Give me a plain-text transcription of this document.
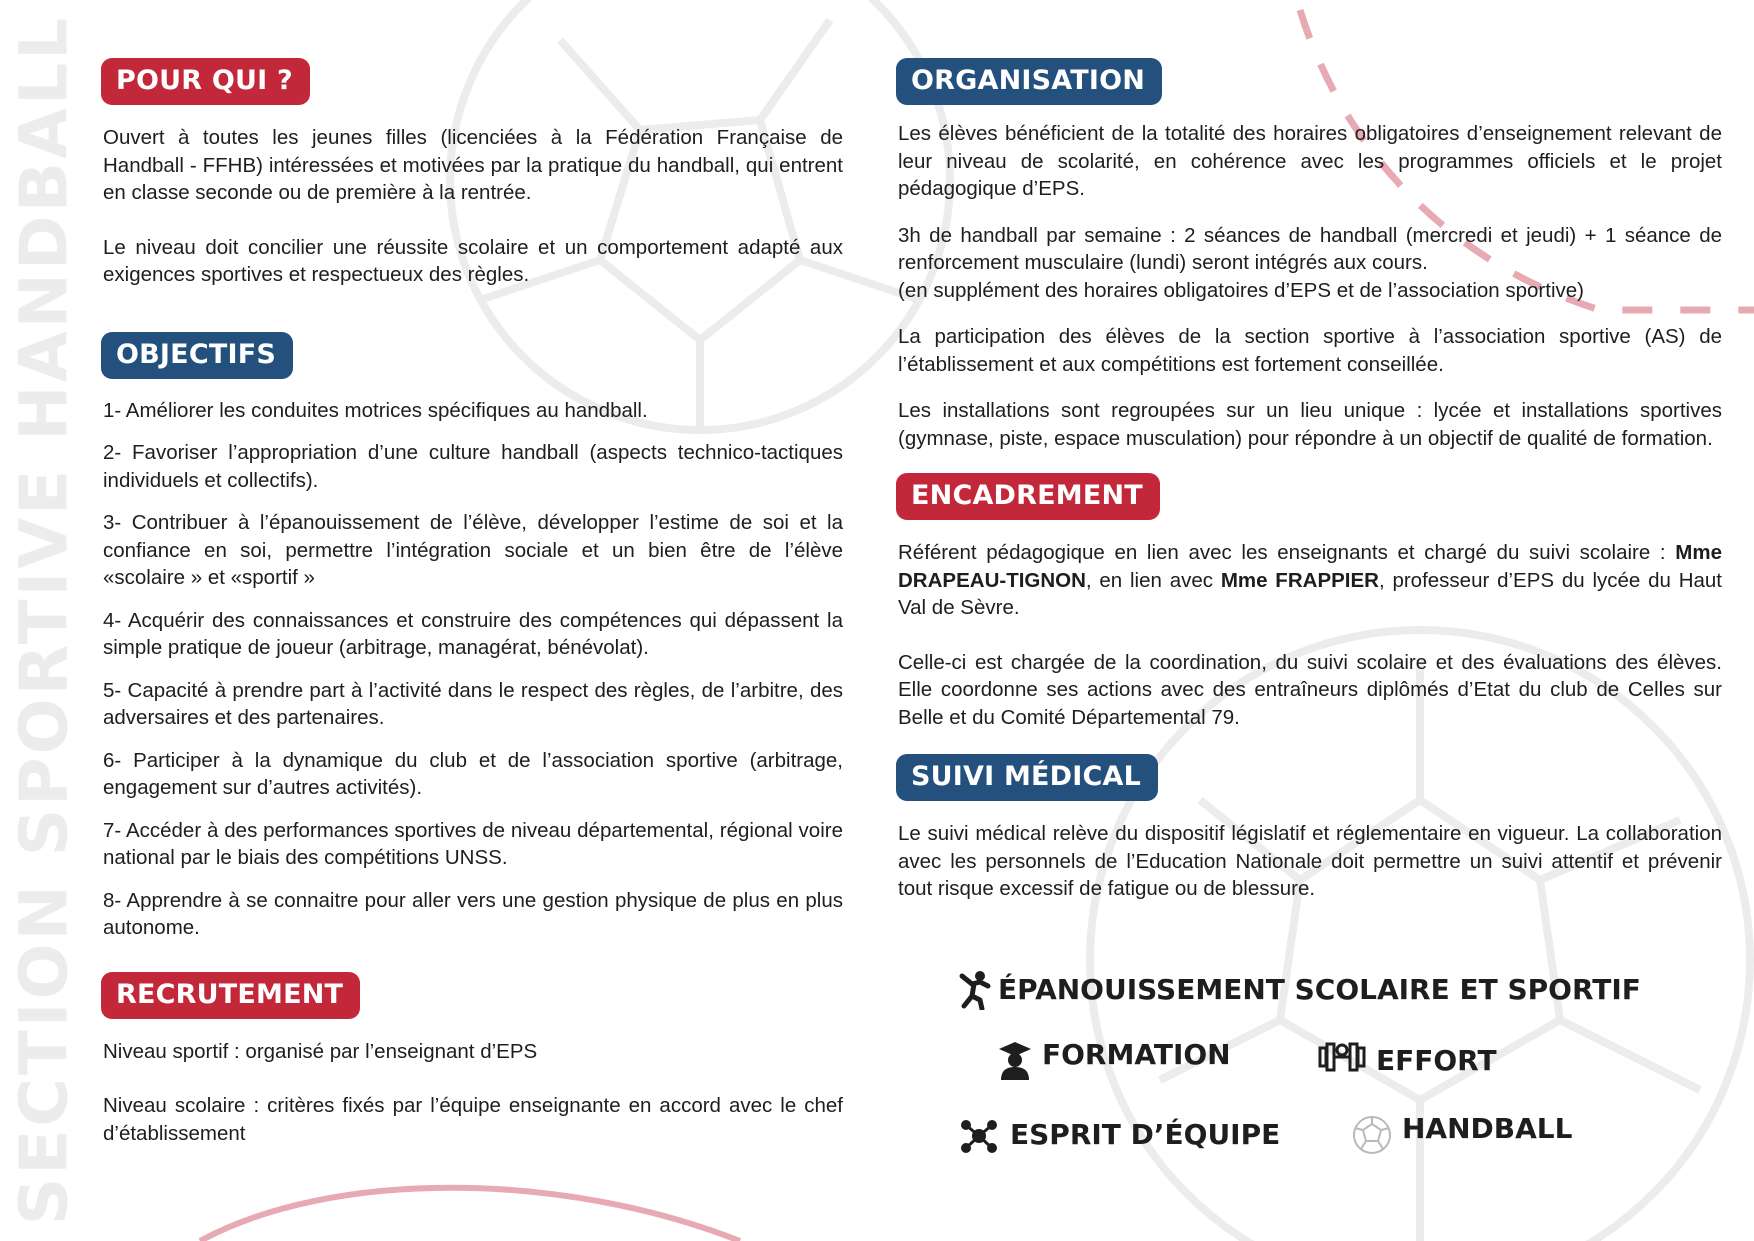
SECTION SPORTIVE HANDBALL	POUR QUI ?

Ouvert à toutes les jeunes filles (licenciées à la Fédération Française de Handball - FFHB) intéressées et motivées par la pratique du handball, qui entrent en classe seconde ou de première à la rentrée.

Le niveau doit concilier une réussite scolaire et un comportement adapté aux exigences sportives et respectueux des règles.

OBJECTIFS

1- Améliorer les conduites motrices spécifiques au handball.

2- Favoriser l’appropriation d’une culture handball (aspects technico-tactiques individuels et collectifs).

3- Contribuer à l’épanouissement de l’élève, développer l’estime de soi et la confiance en soi, permettre l’intégration sociale et un bien être de l’élève «scolaire » et «sportif »

4- Acquérir des connaissances et construire des compétences qui dépassent la simple pratique de joueur (arbitrage, managérat, bénévolat).

5- Capacité à prendre part à l’activité dans le respect des règles, de l’arbitre, des adversaires et des partenaires.

6- Participer à la dynamique du club et de l’association sportive (arbitrage, engagement sur d’autres activités).

7- Accéder à des performances sportives de niveau départemental, régional voire national par le biais des compétitions UNSS.

8- Apprendre à se connaitre pour aller vers une gestion physique de plus en plus autonome.

RECRUTEMENT

Niveau sportif : organisé par l’enseignant d’EPS

Niveau scolaire : critères fixés par l’équipe enseignante en accord avec le chef d’établissement

ORGANISATION

Les élèves bénéficient de la totalité des horaires obligatoires d’enseignement relevant de leur niveau de scolarité, en cohérence avec les programmes officiels et le projet pédagogique d’EPS.

3h de handball par semaine : 2 séances de handball (mercredi et jeudi) + 1 séance de renforcement musculaire (lundi) seront intégrés aux cours.

(en supplément des horaires obligatoires d’EPS et de l’association sportive)

La participation des élèves de la section sportive à l’association sportive (AS) de l’établissement et aux compétitions est fortement conseillée.

Les installations sont regroupées sur un lieu unique : lycée et installations sportives (gymnase, piste, espace musculation) pour répondre à un objectif de qualité de formation.

ENCADREMENT

Référent pédagogique en lien avec les enseignants et chargé du suivi scolaire : Mme DRAPEAU-TIGNON, en lien avec Mme FRAPPIER, professeur d’EPS du lycée du Haut Val de Sèvre.

Celle-ci est chargée de la coordination, du suivi scolaire et des évaluations des élèves. Elle coordonne ses actions avec des entraîneurs diplômés d’Etat du club de Celles sur Belle et du Comité Départemental 79.

SUIVI MÉDICAL

Le suivi médical relève du dispositif législatif et réglementaire en vigueur. La collaboration avec les personnels de l’Education Nationale doit permettre un suivi attentif et prévenir tout risque excessif de fatigue ou de blessure.

ÉPANOUISSEMENT SCOLAIRE ET SPORTIF
FORMATION	EFFORT
ESPRIT D’ÉQUIPE	HANDBALL
